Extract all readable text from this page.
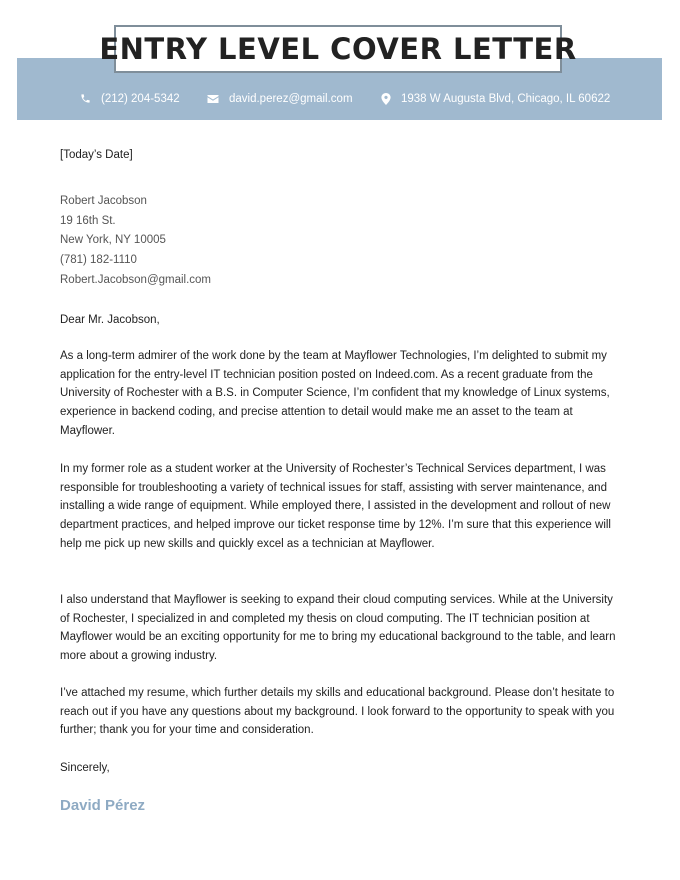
ENTRY LEVEL COVER LETTER
(212) 204-5342	david.perez@gmail.com	1938 W Augusta Blvd, Chicago, IL 60622
[Today’s Date]
Robert Jacobson
19 16th St.
New York, NY 10005
(781) 182-1110
Robert.Jacobson@gmail.com
Dear Mr. Jacobson,
As a long-term admirer of the work done by the team at Mayflower Technologies, I’m delighted to submit my application for the entry-level IT technician position posted on Indeed.com. As a recent graduate from the University of Rochester with a B.S. in Computer Science, I’m confident that my knowledge of Linux systems, experience in backend coding, and precise attention to detail would make me an asset to the team at Mayflower.
In my former role as a student worker at the University of Rochester’s Technical Services department, I was responsible for troubleshooting a variety of technical issues for staff, assisting with server maintenance, and installing a wide range of equipment. While employed there, I assisted in the development and rollout of new department practices, and helped improve our ticket response time by 12%. I’m sure that this experience will help me pick up new skills and quickly excel as a technician at Mayflower.
I also understand that Mayflower is seeking to expand their cloud computing services. While at the University of Rochester, I specialized in and completed my thesis on cloud computing. The IT technician position at Mayflower would be an exciting opportunity for me to bring my educational background to the table, and learn more about a growing industry.
I’ve attached my resume, which further details my skills and educational background. Please don’t hesitate to reach out if you have any questions about my background. I look forward to the opportunity to speak with you further; thank you for your time and consideration.
Sincerely,
David Pérez
